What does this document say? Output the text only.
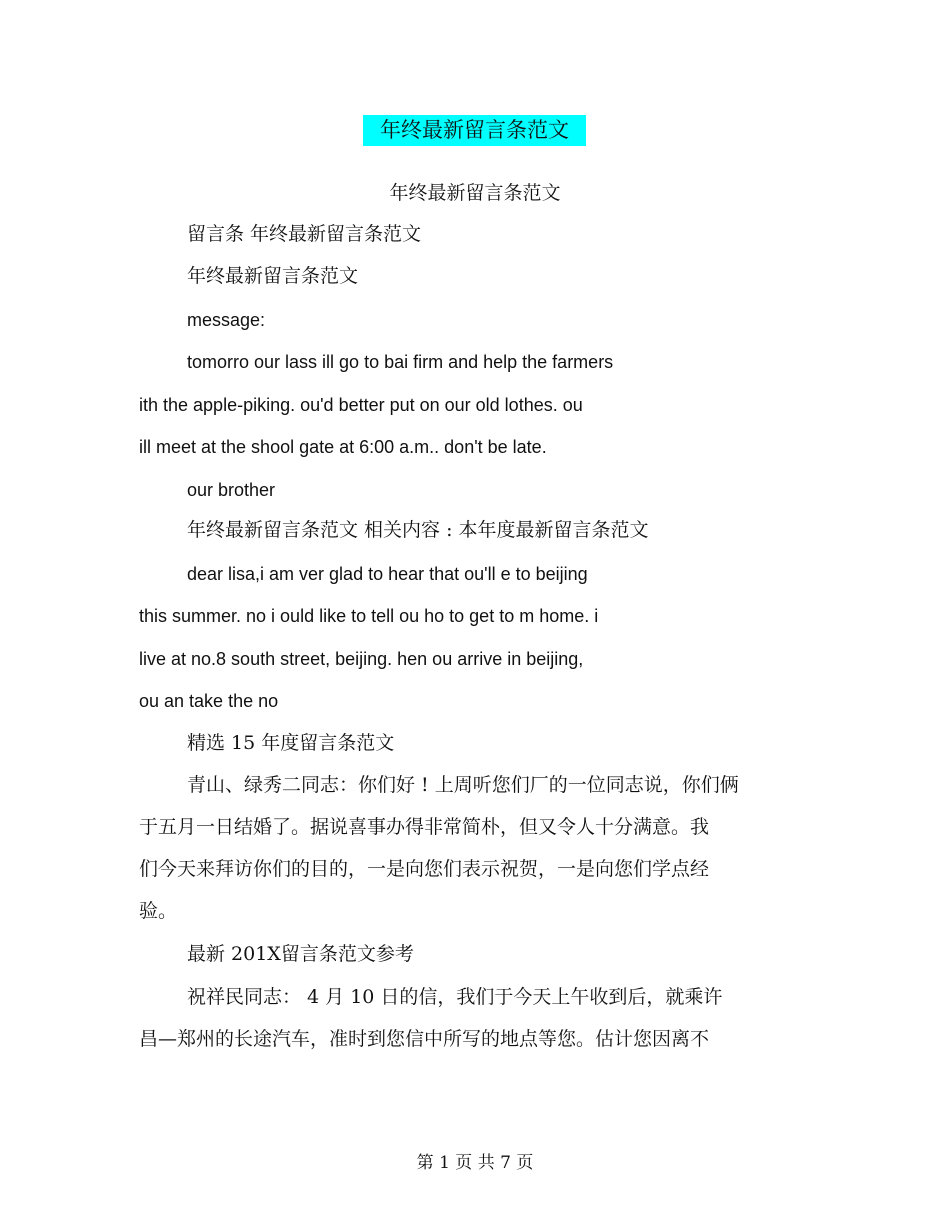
年终最新留言条范文
年终最新留言条范文
留言条 年终最新留言条范文
年终最新留言条范文
message:
tomorro our lass ill go to bai firm and help the farmers
ith the apple-piking. ou'd better put on our old lothes. ou
ill meet at the shool gate at 6:00 a.m.. don't be late.
our brother
年终最新留言条范文 相关内容 : 本年度最新留言条范文
dear lisa,i am ver glad to hear that ou'll e to beijing
this summer. no i ould like to tell ou ho to get to m home. i
live at no.8 south street, beijing. hen ou arrive in beijing,
ou an take the no
精选 15 年度留言条范文
青山、绿秀二同志：你们好 ! 上周听您们厂的一位同志说，你们俩
于五月一日结婚了。据说喜事办得非常简朴，但又令人十分满意。我
们今天来拜访你们的目的，一是向您们表示祝贺，一是向您们学点经
验。
最新 201X留言条范文参考
祝祥民同志： 4 月 10 日的信，我们于今天上午收到后，就乘许
昌—郑州的长途汽车，准时到您信中所写的地点等您。估计您因离不
第 1 页 共 7 页
